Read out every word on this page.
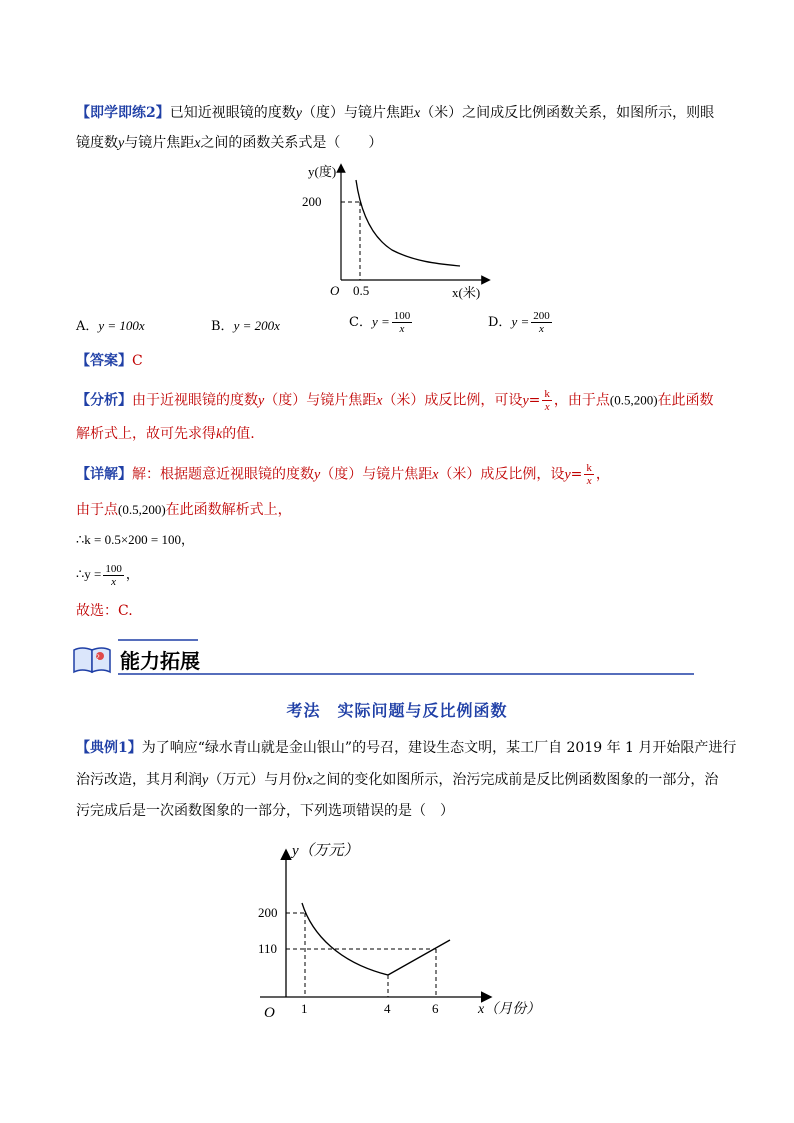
【即学即练2】已知近视眼镜的度数y（度）与镜片焦距x（米）之间成反比例函数关系，如图所示，则眼
镜度数y与镜片焦距x之间的函数关系式是（　　）
y(度)
200
O 0.5	x(米)
A．y = 100x	B．y = 200x	C．$y = \frac{100}{x}$	D．$y = \frac{200}{x}$
【答案】C
【分析】由于近视眼镜的度数y（度）与镜片焦距x（米）成反比例，可设$y= \frac{k}{x}$ ，由于点(0.5,200)在此函数
解析式上，故可先求得k的值.
【详解】解：根据题意近视眼镜的度数y（度）与镜片焦距x（米）成反比例，设$y= \frac{k}{x}$ ，
由于点(0.5,200)在此函数解析式上，
∴k = 0.5×200 = 100，
∴y = $\frac{100}{x}$ ，
故选：C.
? 能力拓展
考法　实际问题与反比例函数
【典例1】为了响应“绿水青山就是金山银山”的号召，建设生态文明，某工厂自 2019 年 1 月开始限产进行
治污改造，其月利润y（万元）与月份x之间的变化如图所示，治污完成前是反比例函数图象的一部分，治
污完成后是一次函数图象的一部分，下列选项错误的是（　）
y（万元）
200
110
O 1	4	6	x（月份）
